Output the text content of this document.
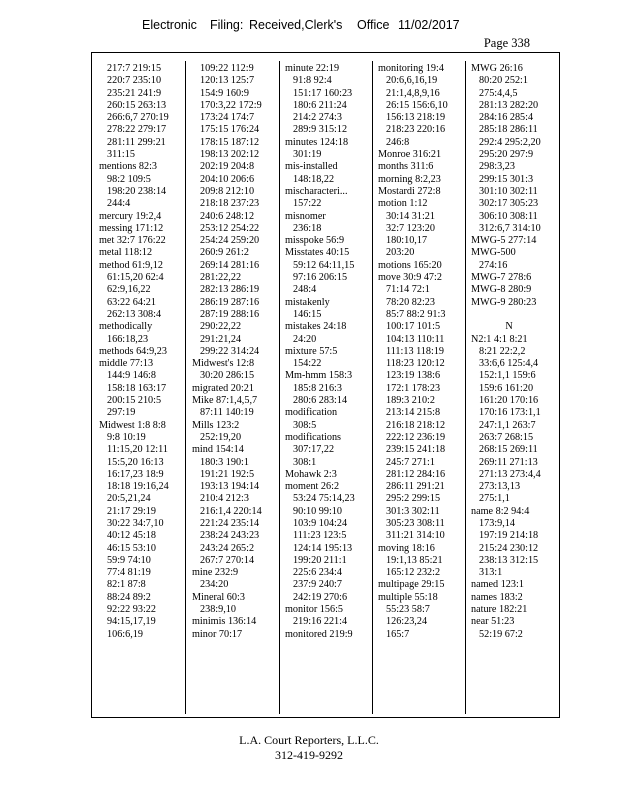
Electronic Filing: Received,Clerk's Office 11/02/2017
Page 338
217:7 219:15
220:7 235:10
235:21 241:9
260:15 263:13
266:6,7 270:19
278:22 279:17
281:11 299:21
311:15
mentions 82:3
98:2 109:5
198:20 238:14
244:4
mercury 19:2,4
messing 171:12
met 32:7 176:22
metal 118:12
method 61:9,12
61:15,20 62:4
62:9,16,22
63:22 64:21
262:13 308:4
methodically
166:18,23
methods 64:9,23
middle 77:13
144:9 146:8
158:18 163:17
200:15 210:5
297:19
Midwest 1:8 8:8
9:8 10:19
11:15,20 12:11
15:5,20 16:13
16:17,23 18:9
18:18 19:16,24
20:5,21,24
21:17 29:19
30:22 34:7,10
40:12 45:18
46:15 53:10
59:9 74:10
77:4 81:19
82:1 87:8
88:24 89:2
92:22 93:22
94:15,17,19
106:6,19
109:22 112:9
120:13 125:7
154:9 160:9
170:3,22 172:9
173:24 174:7
175:15 176:24
178:15 187:12
198:13 202:12
202:19 204:8
204:10 206:6
209:8 212:10
218:18 237:23
240:6 248:12
253:12 254:22
254:24 259:20
260:9 261:2
269:14 281:16
281:22,22
282:13 286:19
286:19 287:16
287:19 288:16
290:22,22
291:21,24
299:22 314:24
Midwest's 12:8
30:20 286:15
migrated 20:21
Mike 87:1,4,5,7
87:11 140:19
Mills 123:2
252:19,20
mind 154:14
180:3 190:1
191:21 192:5
193:13 194:14
210:4 212:3
216:1,4 220:14
221:24 235:14
238:24 243:23
243:24 265:2
267:7 270:14
mine 232:9
234:20
Mineral 60:3
238:9,10
minimis 136:14
minor 70:17
minute 22:19
91:8 92:4
151:17 160:23
180:6 211:24
214:2 274:3
289:9 315:12
minutes 124:18
301:19
mis-installed
148:18,22
mischaracteri...
157:22
misnomer
236:18
misspoke 56:9
Misstates 40:15
59:12 64:11,15
97:16 206:15
248:4
mistakenly
146:15
mistakes 24:18
24:20
mixture 57:5
154:22
Mm-hmm 158:3
185:8 216:3
280:6 283:14
modification
308:5
modifications
307:17,22
308:1
Mohawk 2:3
moment 26:2
53:24 75:14,23
90:10 99:10
103:9 104:24
111:23 123:5
124:14 195:13
199:20 211:1
225:6 234:4
237:9 240:7
242:19 270:6
monitor 156:5
219:16 221:4
monitored 219:9
monitoring 19:4
20:6,6,16,19
21:1,4,8,9,16
26:15 156:6,10
156:13 218:19
218:23 220:16
246:8
Monroe 316:21
months 311:6
morning 8:2,23
Mostardi 272:8
motion 1:12
30:14 31:21
32:7 123:20
180:10,17
203:20
motions 165:20
move 30:9 47:2
71:14 72:1
78:20 82:23
85:7 88:2 91:3
100:17 101:5
104:13 110:11
111:13 118:19
118:23 120:12
123:19 138:6
172:1 178:23
189:3 210:2
213:14 215:8
216:18 218:12
222:12 236:19
239:15 241:18
245:7 271:1
281:12 284:16
286:11 291:21
295:2 299:15
301:3 302:11
305:23 308:11
311:21 314:10
moving 18:16
19:1,13 85:21
165:12 232:2
multipage 29:15
multiple 55:18
55:23 58:7
126:23,24
165:7
MWG 26:16
80:20 252:1
275:4,4,5
281:13 282:20
284:16 285:4
285:18 286:11
292:4 295:2,20
295:20 297:9
298:3,23
299:15 301:3
301:10 302:11
302:17 305:23
306:10 308:11
312:6,7 314:10
MWG-5 277:14
MWG-500
274:16
MWG-7 278:6
MWG-8 280:9
MWG-9 280:23
N
N2:1 4:1 8:21
8:21 22:2,2
33:6,6 125:4,4
152:1,1 159:6
159:6 161:20
161:20 170:16
170:16 173:1,1
247:1,1 263:7
263:7 268:15
268:15 269:11
269:11 271:13
271:13 273:4,4
273:13,13
275:1,1
name 8:2 94:4
173:9,14
197:19 214:18
215:24 230:12
238:13 312:15
313:1
named 123:1
names 183:2
nature 182:21
near 51:23
52:19 67:2
L.A. Court Reporters, L.L.C.
312-419-9292
